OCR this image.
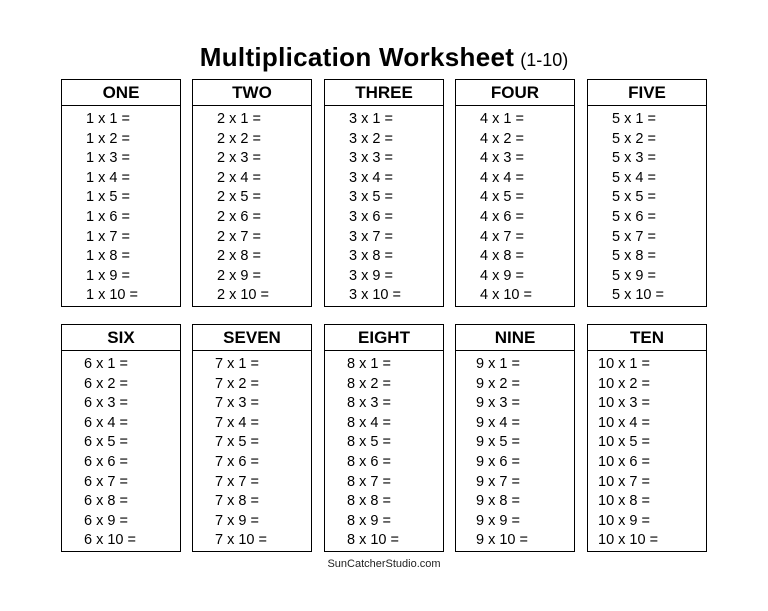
Multiplication Worksheet (1-10)
ONE
1 x 1 =
1 x 2 =
1 x 3 =
1 x 4 =
1 x 5 =
1 x 6 =
1 x 7 =
1 x 8 =
1 x 9 =
1 x 10 =
TWO
2 x 1 =
2 x 2 =
2 x 3 =
2 x 4 =
2 x 5 =
2 x 6 =
2 x 7 =
2 x 8 =
2 x 9 =
2 x 10 =
THREE
3 x 1 =
3 x 2 =
3 x 3 =
3 x 4 =
3 x 5 =
3 x 6 =
3 x 7 =
3 x 8 =
3 x 9 =
3 x 10 =
FOUR
4 x 1 =
4 x 2 =
4 x 3 =
4 x 4 =
4 x 5 =
4 x 6 =
4 x 7 =
4 x 8 =
4 x 9 =
4 x 10 =
FIVE
5 x 1 =
5 x 2 =
5 x 3 =
5 x 4 =
5 x 5 =
5 x 6 =
5 x 7 =
5 x 8 =
5 x 9 =
5 x 10 =
SIX
6 x 1 =
6 x 2 =
6 x 3 =
6 x 4 =
6 x 5 =
6 x 6 =
6 x 7 =
6 x 8 =
6 x 9 =
6 x 10 =
SEVEN
7 x 1 =
7 x 2 =
7 x 3 =
7 x 4 =
7 x 5 =
7 x 6 =
7 x 7 =
7 x 8 =
7 x 9 =
7 x 10 =
EIGHT
8 x 1 =
8 x 2 =
8 x 3 =
8 x 4 =
8 x 5 =
8 x 6 =
8 x 7 =
8 x 8 =
8 x 9 =
8 x 10 =
NINE
9 x 1 =
9 x 2 =
9 x 3 =
9 x 4 =
9 x 5 =
9 x 6 =
9 x 7 =
9 x 8 =
9 x 9 =
9 x 10 =
TEN
10 x 1 =
10 x 2 =
10 x 3 =
10 x 4 =
10 x 5 =
10 x 6 =
10 x 7 =
10 x 8 =
10 x 9 =
10 x 10 =
SunCatcherStudio.com
